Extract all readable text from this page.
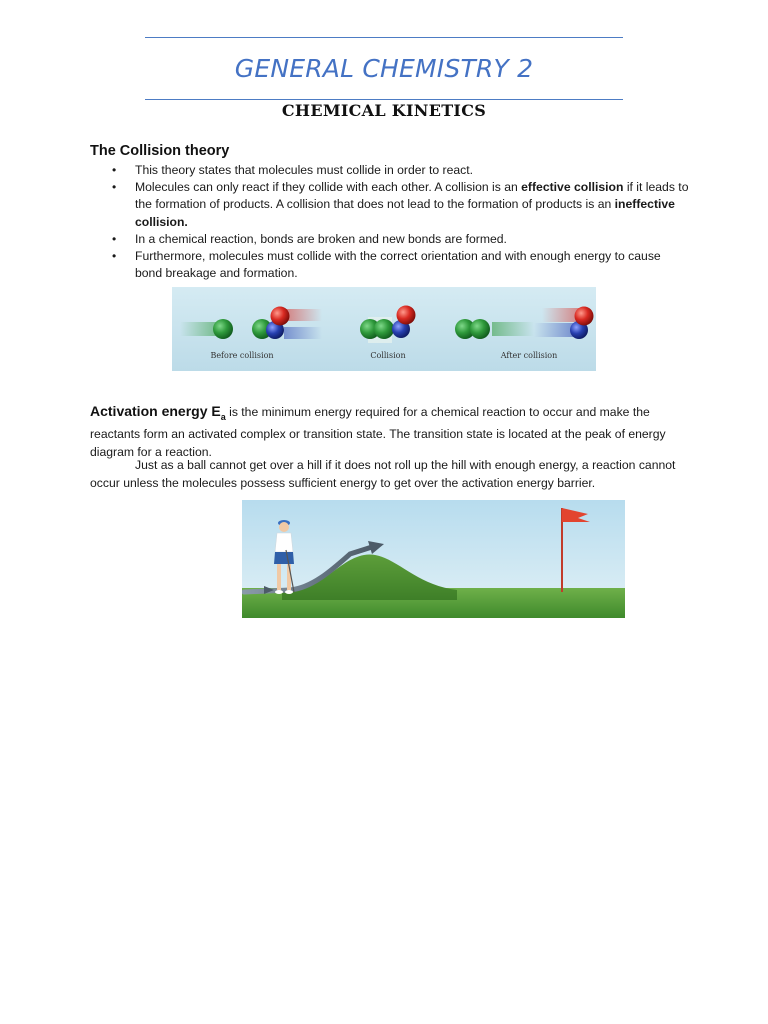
GENERAL CHEMISTRY 2
CHEMICAL KINETICS
The Collision theory
• This theory states that molecules must collide in order to react.
• Molecules can only react if they collide with each other. A collision is an effective collision if it leads to the formation of products. A collision that does not lead to the formation of products is an ineffective collision.
• In a chemical reaction, bonds are broken and new bonds are formed.
• Furthermore, molecules must collide with the correct orientation and with enough energy to cause bond breakage and formation.
Before collision	Collision	After collision
Activation energy $E_a$ is the minimum energy required for a chemical reaction to occur and make the reactants form an activated complex or transition state. The transition state is located at the peak of energy diagram for a reaction.
Just as a ball cannot get over a hill if it does not roll up the hill with enough energy, a reaction cannot occur unless the molecules possess sufficient energy to get over the activation energy barrier.
